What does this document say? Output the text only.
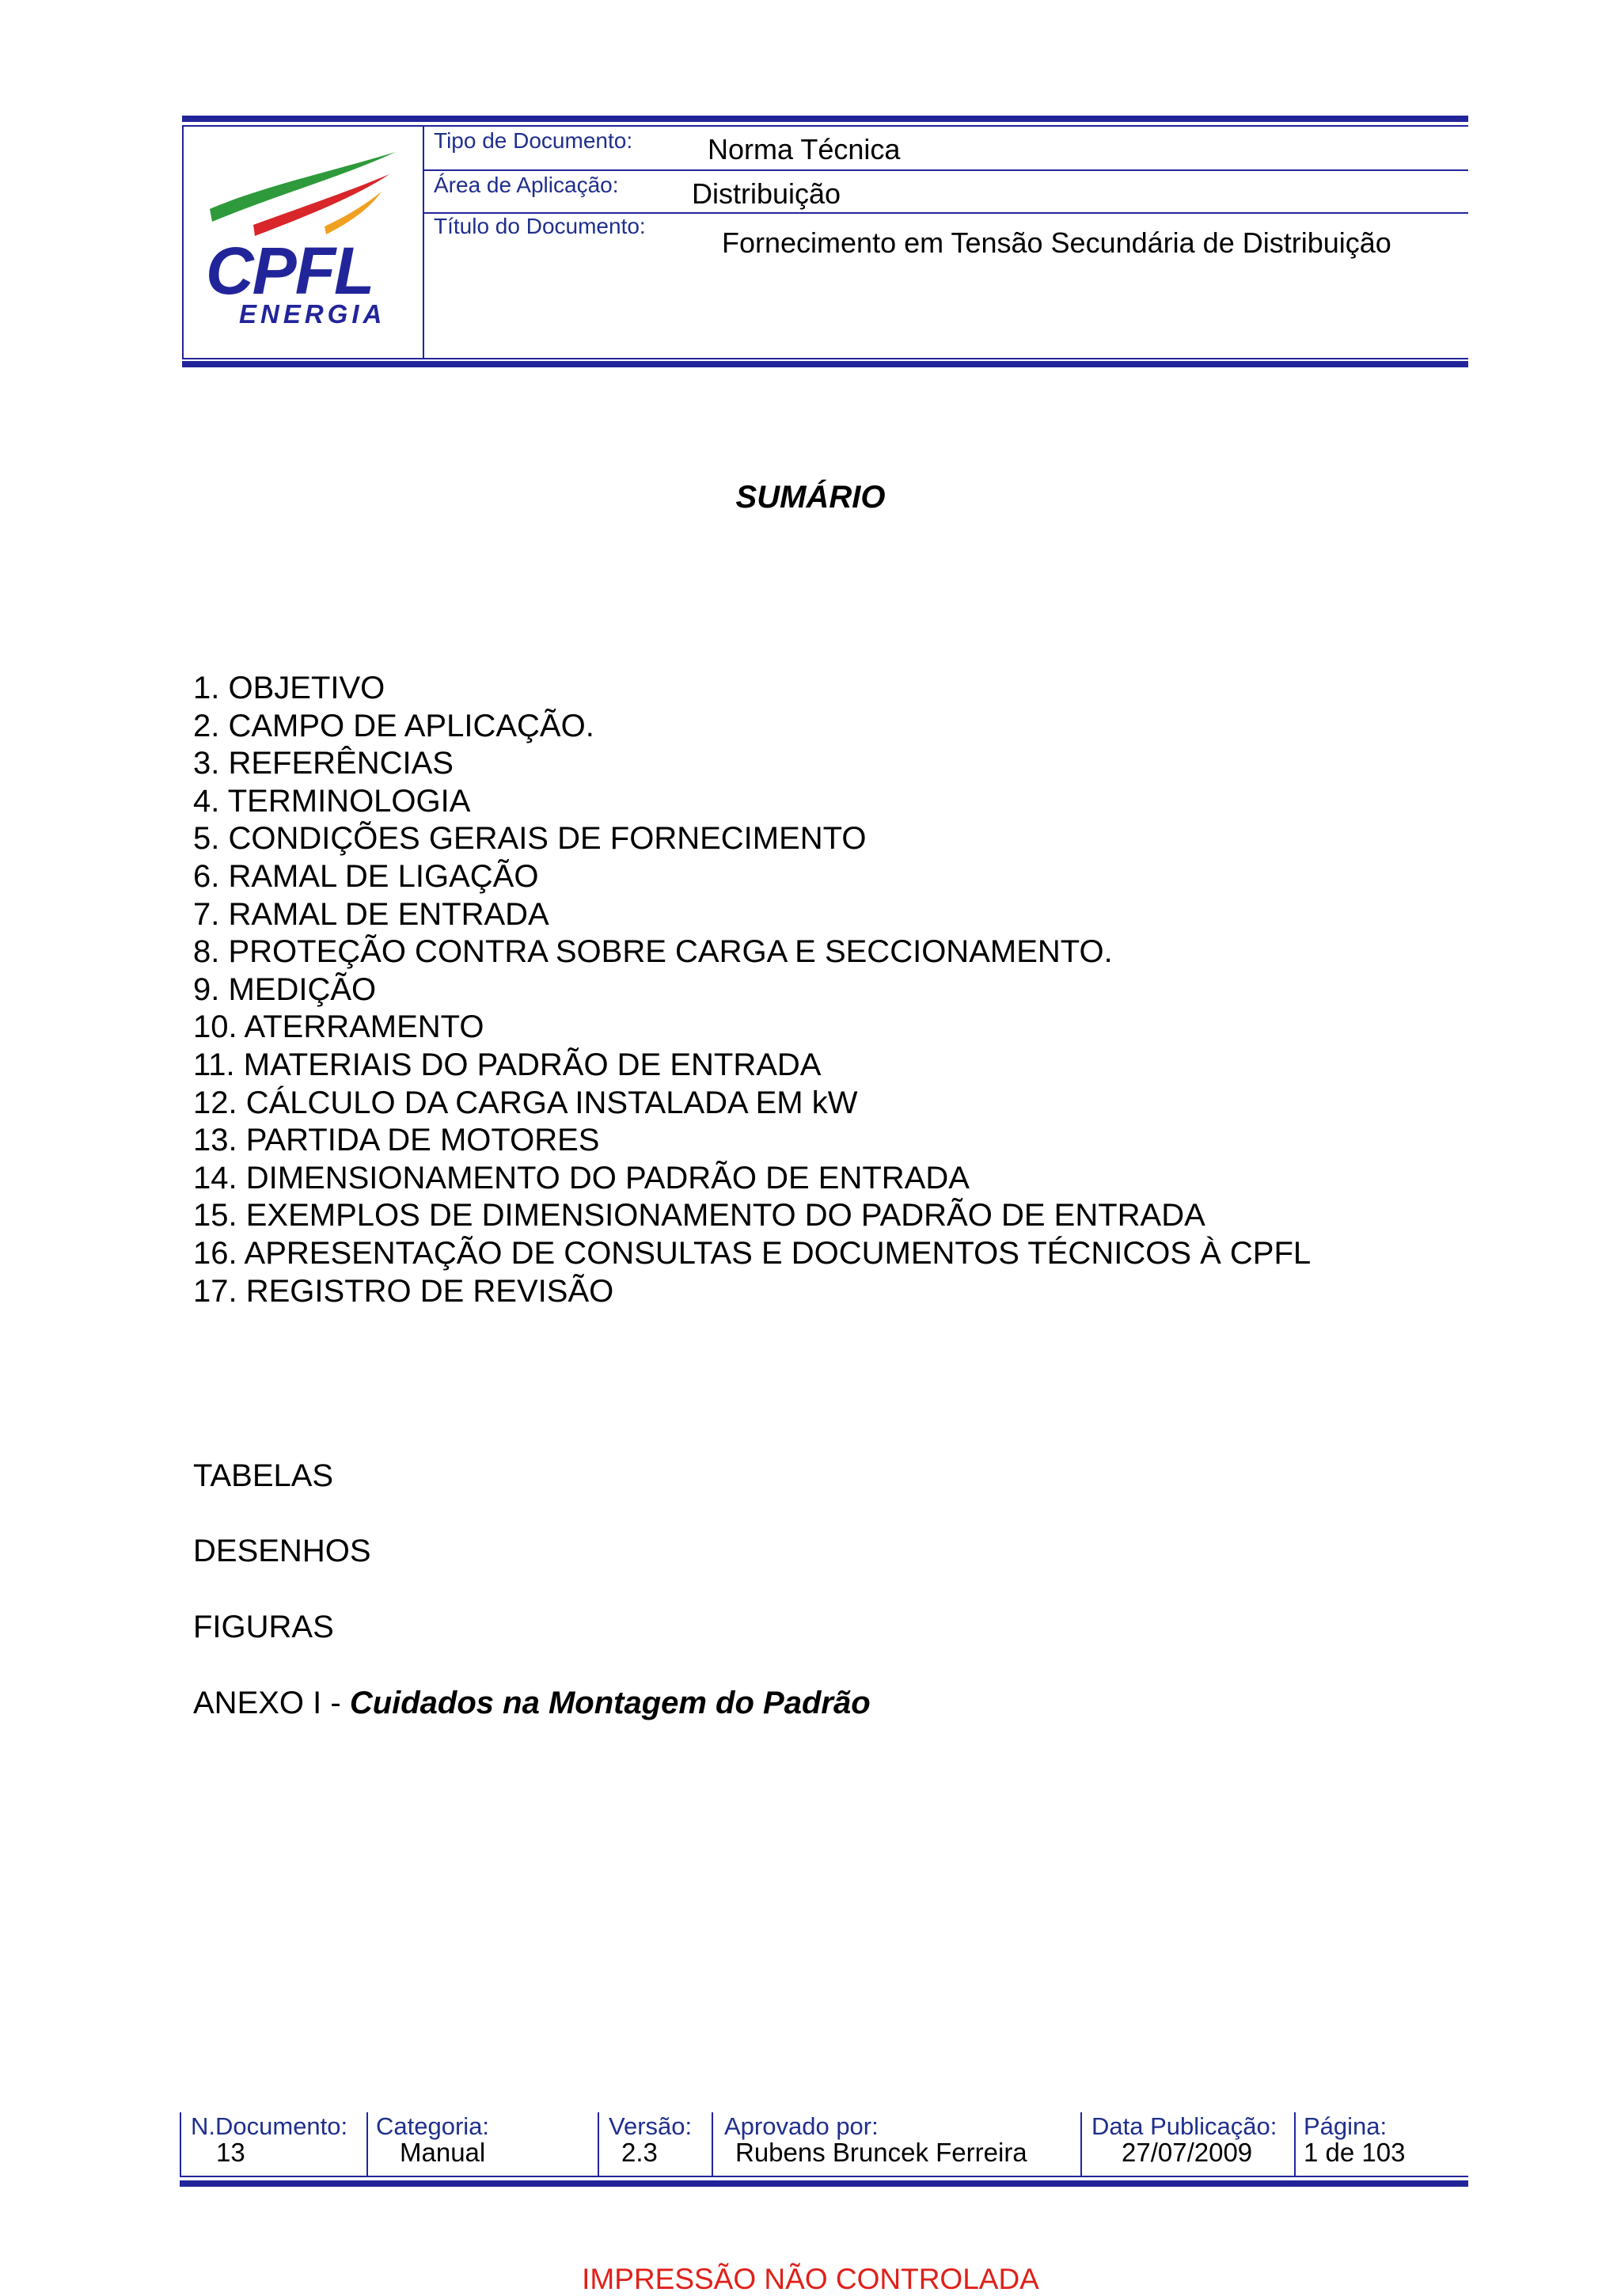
CPFL
ENERGIA
Tipo de Documento:	Norma Técnica
Área de Aplicação:	Distribuição
Título do Documento:
Fornecimento em Tensão Secundária de Distribuição
SUMÁRIO
1. OBJETIVO
2. CAMPO DE APLICAÇÃO.
3. REFERÊNCIAS
4. TERMINOLOGIA
5. CONDIÇÕES GERAIS DE FORNECIMENTO
6. RAMAL DE LIGAÇÃO
7. RAMAL DE ENTRADA
8. PROTEÇÃO CONTRA SOBRE CARGA E SECCIONAMENTO.
9. MEDIÇÃO
10. ATERRAMENTO
11. MATERIAIS DO PADRÃO DE ENTRADA
12. CÁLCULO DA CARGA INSTALADA EM kW
13. PARTIDA DE MOTORES
14. DIMENSIONAMENTO DO PADRÃO DE ENTRADA
15. EXEMPLOS DE DIMENSIONAMENTO DO PADRÃO DE ENTRADA
16. APRESENTAÇÃO DE CONSULTAS E DOCUMENTOS TÉCNICOS À CPFL
17. REGISTRO DE REVISÃO
TABELAS
DESENHOS
FIGURAS
ANEXO I - Cuidados na Montagem do Padrão
N.Documento:
13
Categoria:
Manual
Versão:
2.3
Aprovado por:
Rubens Bruncek Ferreira
Data Publicação:
27/07/2009
Página:
1 de 103
IMPRESSÃO NÃO CONTROLADA
